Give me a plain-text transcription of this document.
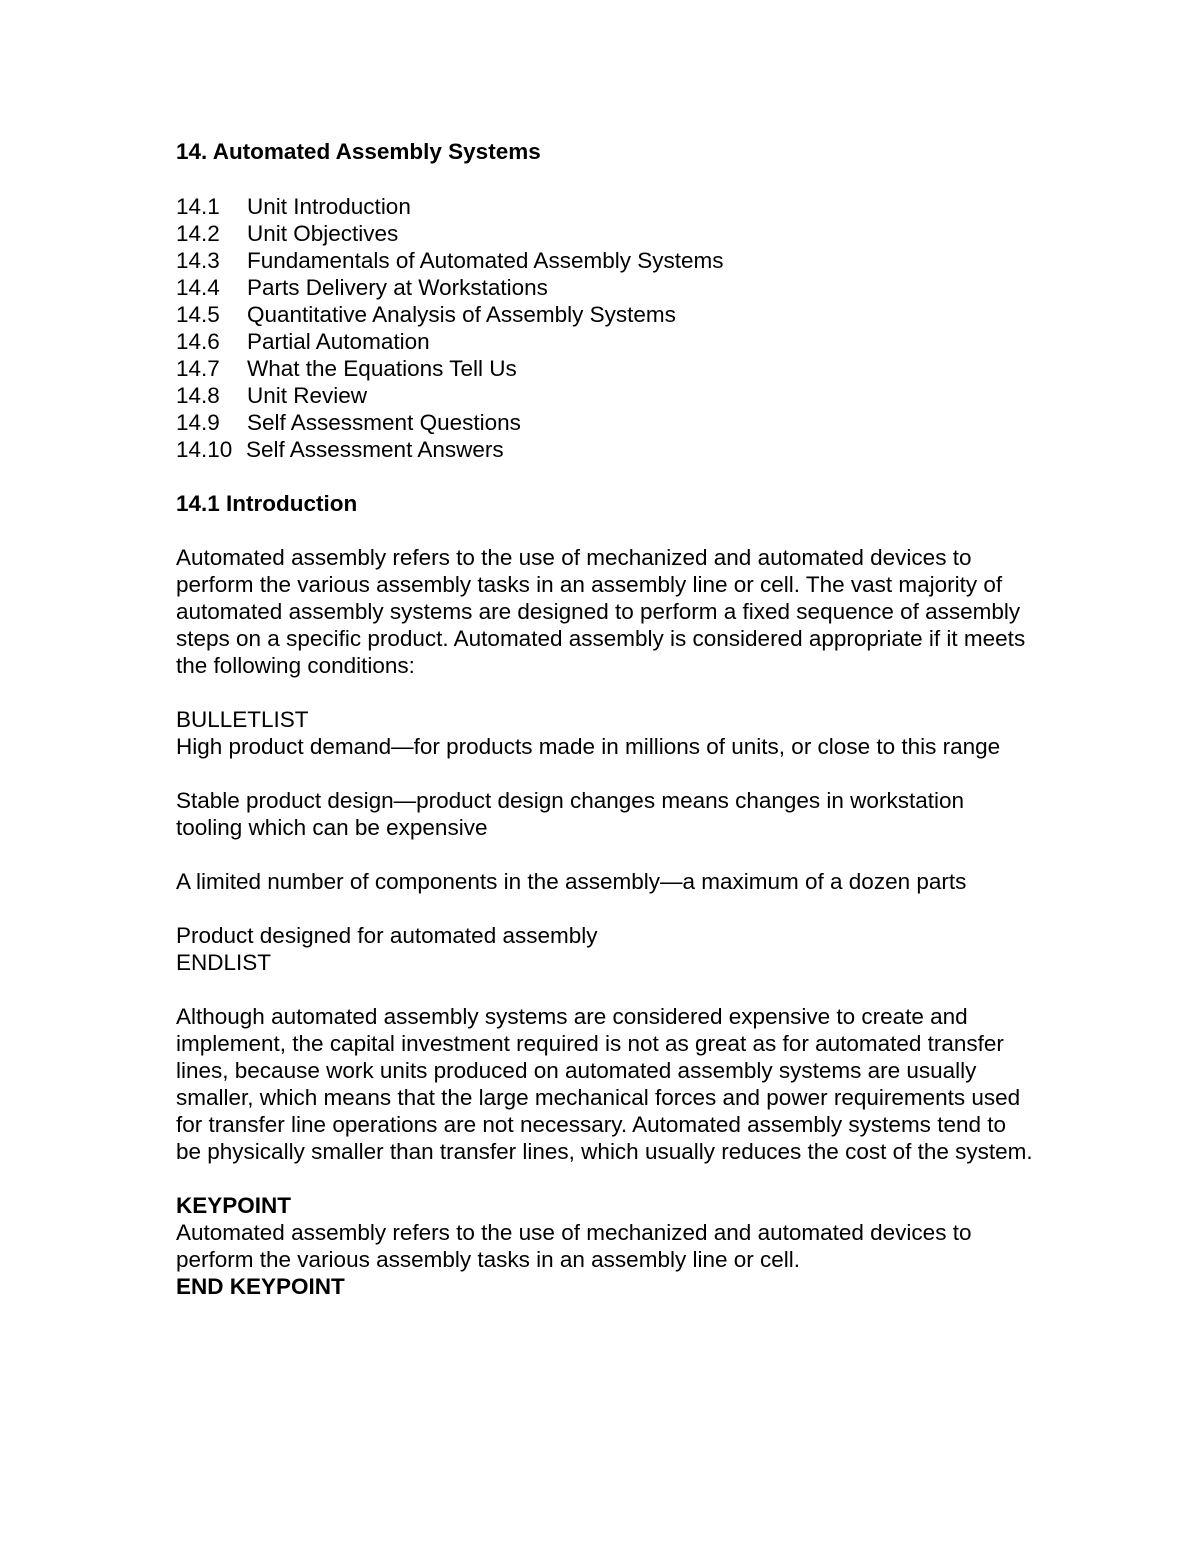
14. Automated Assembly Systems
14.1	Unit Introduction
14.2	Unit Objectives
14.3	Fundamentals of Automated Assembly Systems
14.4	Parts Delivery at Workstations
14.5	Quantitative Analysis of Assembly Systems
14.6	Partial Automation
14.7	What the Equations Tell Us
14.8	Unit Review
14.9	Self Assessment Questions
14.10 Self Assessment Answers
14.1 Introduction

Automated assembly refers to the use of mechanized and automated devices to perform the various assembly tasks in an assembly line or cell. The vast majority of automated assembly systems are designed to perform a fixed sequence of assembly steps on a specific product. Automated assembly is considered appropriate if it meets the following conditions:

BULLETLIST
High product demand—for products made in millions of units, or close to this range
Stable product design—product design changes means changes in workstation tooling which can be expensive
A limited number of components in the assembly—a maximum of a dozen parts
Product designed for automated assembly
ENDLIST

Although automated assembly systems are considered expensive to create and implement, the capital investment required is not as great as for automated transfer lines, because work units produced on automated assembly systems are usually smaller, which means that the large mechanical forces and power requirements used for transfer line operations are not necessary. Automated assembly systems tend to be physically smaller than transfer lines, which usually reduces the cost of the system.

KEYPOINT
Automated assembly refers to the use of mechanized and automated devices to perform the various assembly tasks in an assembly line or cell.
END KEYPOINT
